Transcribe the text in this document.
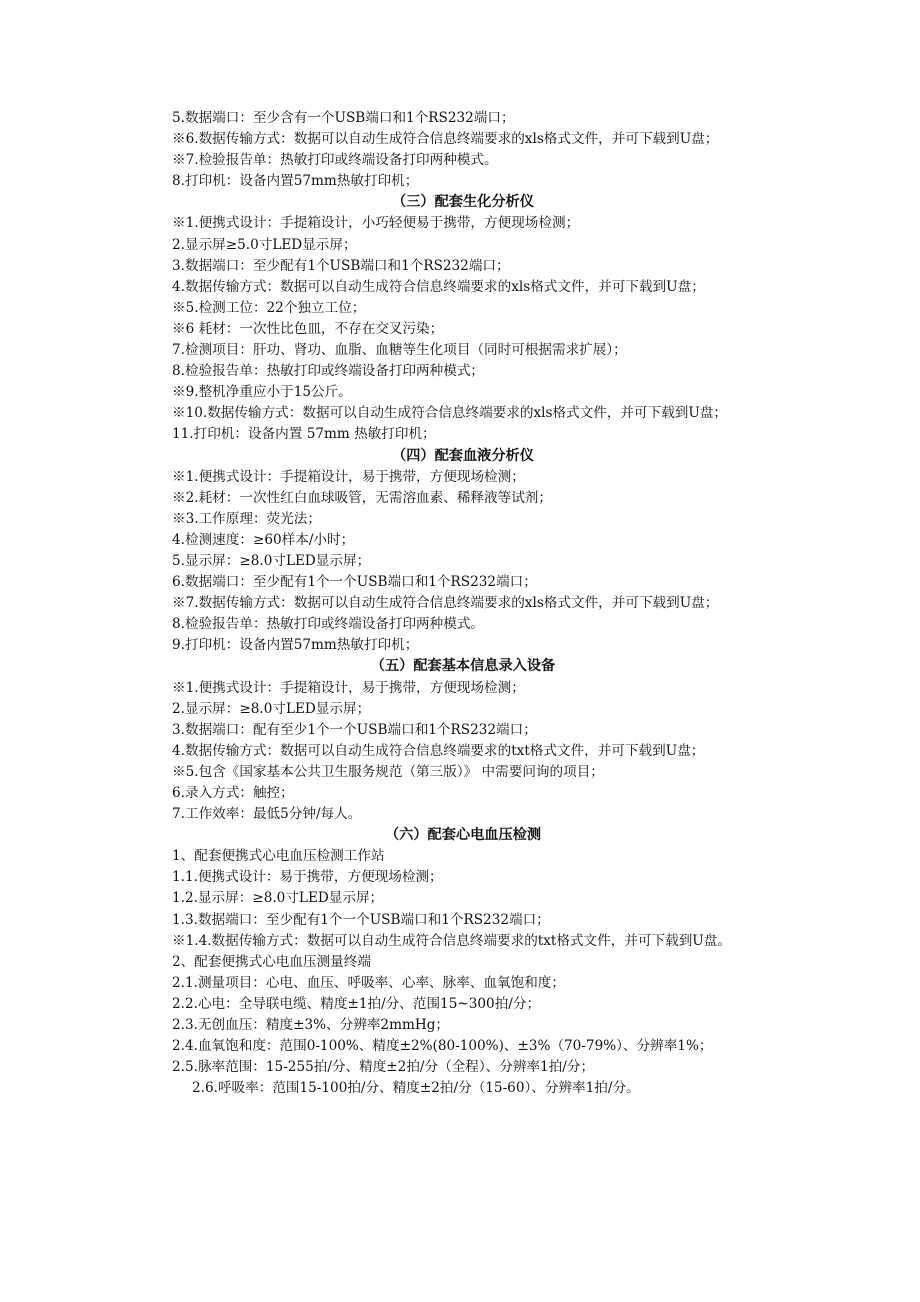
5.数据端口：至少含有一个USB端口和1个RS232端口；
※6.数据传输方式：数据可以自动生成符合信息终端要求的xls格式文件，并可下载到U盘；
※7.检验报告单：热敏打印或终端设备打印两种模式。
8.打印机：设备内置57mm热敏打印机；
（三）配套生化分析仪
※1.便携式设计：手提箱设计，小巧轻便易于携带，方便现场检测；
2.显示屏≥5.0寸LED显示屏；
3.数据端口：至少配有1个USB端口和1个RS232端口；
4.数据传输方式：数据可以自动生成符合信息终端要求的xls格式文件，并可下载到U盘；
※5.检测工位：22个独立工位；
※6 耗材：一次性比色皿，不存在交叉污染；
7.检测项目：肝功、肾功、血脂、血糖等生化项目（同时可根据需求扩展）；
8.检验报告单：热敏打印或终端设备打印两种模式；
※9.整机净重应小于15公斤。
※10.数据传输方式：数据可以自动生成符合信息终端要求的xls格式文件，并可下载到U盘；
11.打印机：设备内置 57mm 热敏打印机；
（四）配套血液分析仪
※1.便携式设计：手提箱设计，易于携带，方便现场检测；
※2.耗材：一次性红白血球吸管，无需溶血素、稀释液等试剂；
※3.工作原理：荧光法；
4.检测速度：≥60样本/小时；
5.显示屏：≥8.0寸LED显示屏；
6.数据端口：至少配有1个一个USB端口和1个RS232端口；
※7.数据传输方式：数据可以自动生成符合信息终端要求的xls格式文件，并可下载到U盘；
8.检验报告单：热敏打印或终端设备打印两种模式。
9.打印机：设备内置57mm热敏打印机；
（五）配套基本信息录入设备
※1.便携式设计：手提箱设计，易于携带，方便现场检测；
2.显示屏：≥8.0寸LED显示屏；
3.数据端口：配有至少1个一个USB端口和1个RS232端口；
4.数据传输方式：数据可以自动生成符合信息终端要求的txt格式文件，并可下载到U盘；
※5.包含《国家基本公共卫生服务规范（第三版）》 中需要问询的项目；
6.录入方式：触控；
7.工作效率：最低5分钟/每人。
（六）配套心电血压检测
1、配套便携式心电血压检测工作站
1.1.便携式设计：易于携带，方便现场检测；
1.2.显示屏：≥8.0寸LED显示屏；
1.3.数据端口：至少配有1个一个USB端口和1个RS232端口；
※1.4.数据传输方式：数据可以自动生成符合信息终端要求的txt格式文件，并可下载到U盘。
2、配套便携式心电血压测量终端
2.1.测量项目：心电、血压、呼吸率、心率、脉率、血氧饱和度；
2.2.心电：全导联电缆、精度±1拍/分、范围15~300拍/分；
2.3.无创血压：精度±3%、分辨率2mmHg；
2.4.血氧饱和度：范围0-100%、精度±2%(80-100%)、±3%（70-79%）、分辨率1%；
2.5.脉率范围：15-255拍/分、精度±2拍/分（全程）、分辨率1拍/分；
2.6.呼吸率：范围15-100拍/分、精度±2拍/分（15-60）、分辨率1拍/分。
